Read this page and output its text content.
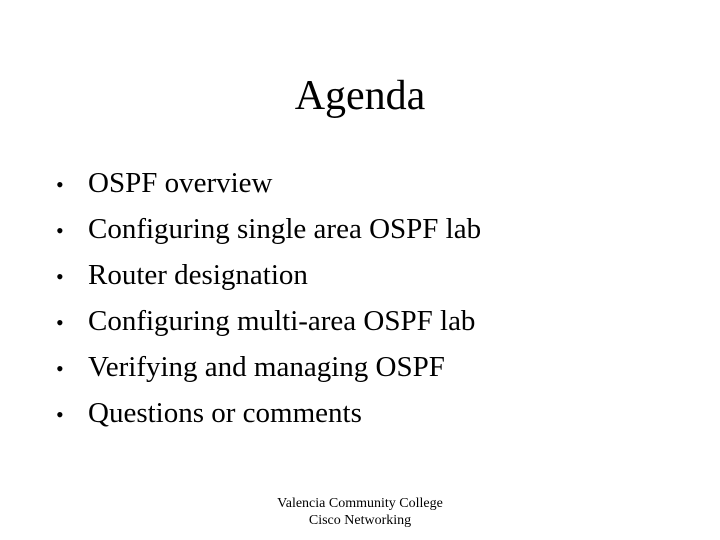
Agenda
• OSPF overview
• Configuring single area OSPF lab
• Router designation
• Configuring multi-area OSPF lab
• Verifying and managing OSPF
• Questions or comments
Valencia Community College
Cisco Networking
